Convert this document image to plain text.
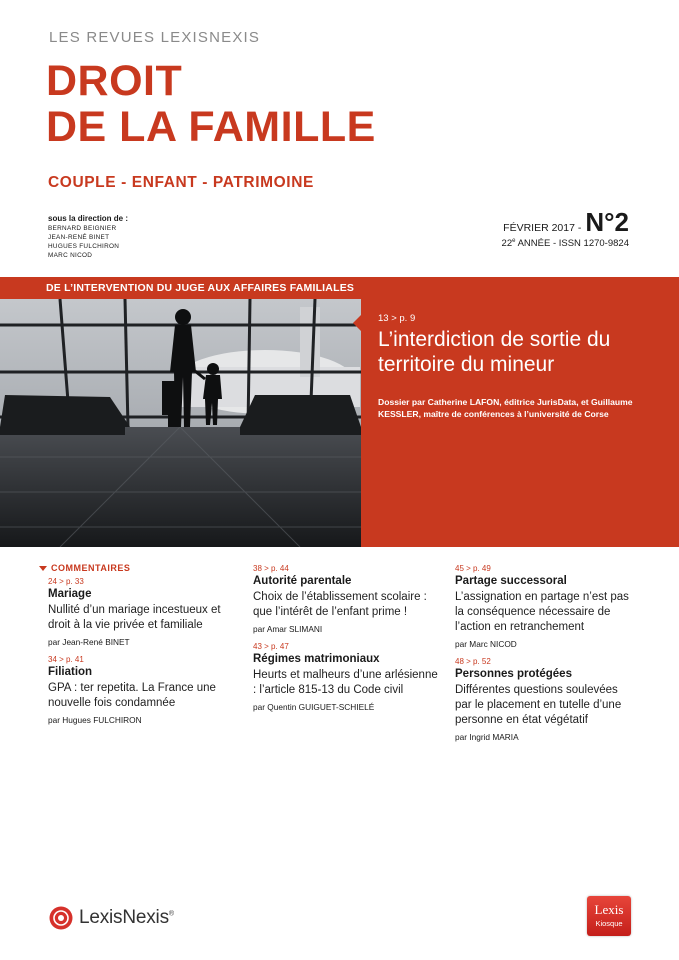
LES REVUES LEXISNEXIS
DROIT
DE LA FAMILLE
COUPLE - ENFANT - PATRIMOINE
sous la direction de :
BERNARD BEIGNIER
JEAN-RENÉ BINET
HUGUES FULCHIRON
MARC NICOD
FÉVRIER 2017 - N°2
22e ANNÉE - ISSN 1270-9824
DE L’INTERVENTION DU JUGE AUX AFFAIRES FAMILIALES
13 > p. 9
L’interdiction de sortie du territoire du mineur
Dossier par Catherine LAFON, éditrice JurisData, et Guillaume KESSLER, maître de conférences à l’université de Corse
COMMENTAIRES
24 > p. 33
Mariage
Nullité d’un mariage incestueux et droit à la vie privée et familiale
par Jean-René BINET
34 > p. 41
Filiation
GPA : ter repetita. La France une nouvelle fois condamnée
par Hugues FULCHIRON
38 > p. 44
Autorité parentale
Choix de l’établissement scolaire : que l’intérêt de l’enfant prime !
par Amar SLIMANI
43 > p. 47
Régimes matrimoniaux
Heurts et malheurs d’une arlésienne : l’article 815-13 du Code civil
par Quentin GUIGUET-SCHIELÉ
45 > p. 49
Partage successoral
L’assignation en partage n’est pas la conséquence nécessaire de l’action en retranchement
par Marc NICOD
48 > p. 52
Personnes protégées
Différentes questions soulevées par le placement en tutelle d’une personne en état végétatif
par Ingrid MARIA
LexisNexis®	Lexis
Kiosque
